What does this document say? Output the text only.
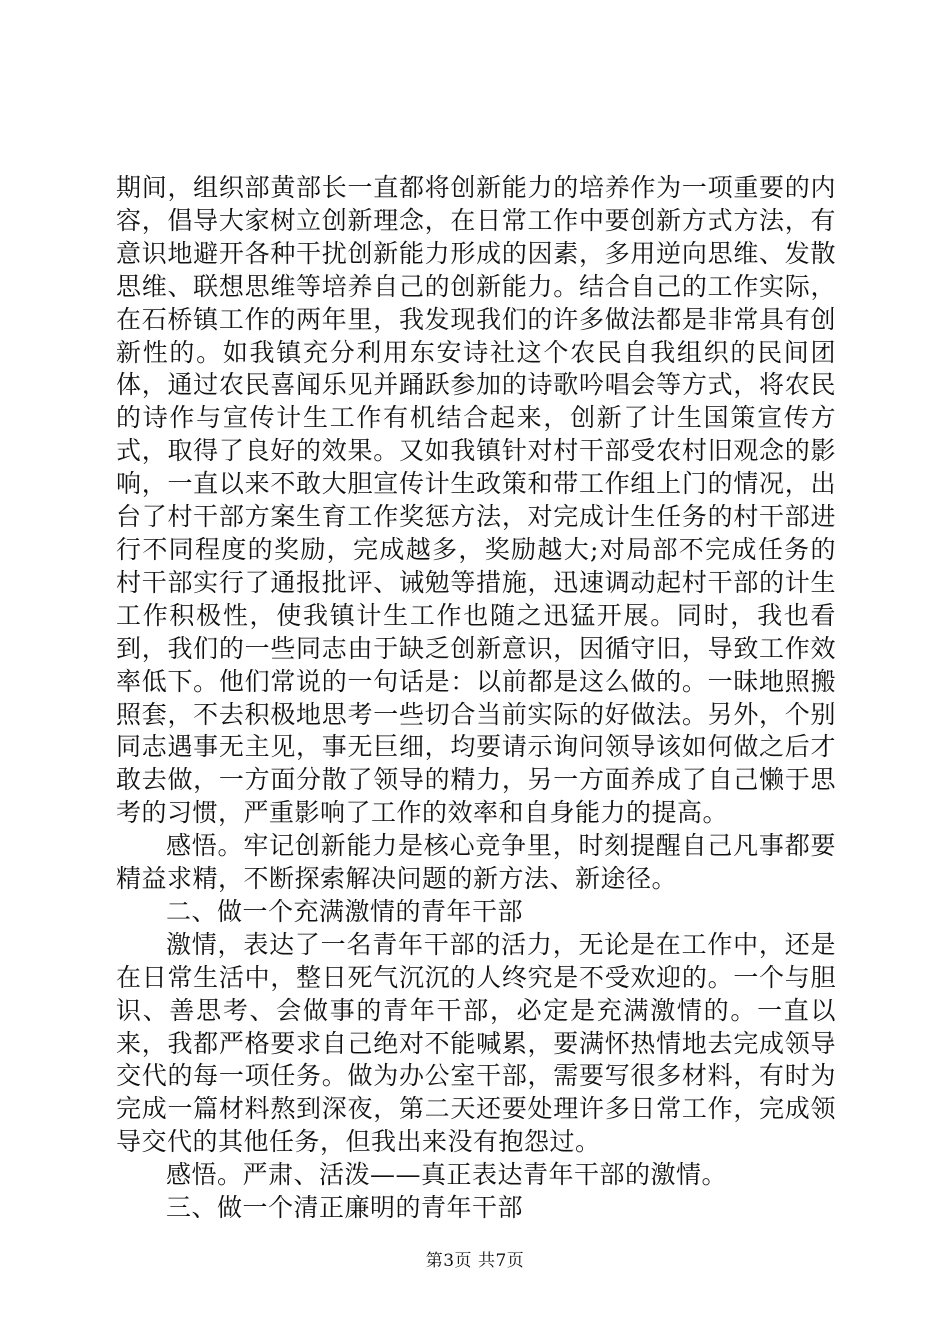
期间，组织部黄部长一直都将创新能力的培养作为一项重要的内容，倡导大家树立创新理念，在日常工作中要创新方式方法，有意识地避开各种干扰创新能力形成的因素，多用逆向思维、发散思维、联想思维等培养自己的创新能力。结合自己的工作实际，在石桥镇工作的两年里，我发现我们的许多做法都是非常具有创新性的。如我镇充分利用东安诗社这个农民自我组织的民间团体，通过农民喜闻乐见并踊跃参加的诗歌吟唱会等方式，将农民的诗作与宣传计生工作有机结合起来，创新了计生国策宣传方式，取得了良好的效果。又如我镇针对村干部受农村旧观念的影响，一直以来不敢大胆宣传计生政策和带工作组上门的情况，出台了村干部方案生育工作奖惩方法，对完成计生任务的村干部进行不同程度的奖励，完成越多，奖励越大;对局部不完成任务的村干部实行了通报批评、诫勉等措施，迅速调动起村干部的计生工作积极性，使我镇计生工作也随之迅猛开展。同时，我也看到，我们的一些同志由于缺乏创新意识，因循守旧，导致工作效率低下。他们常说的一句话是：以前都是这么做的。一昧地照搬照套，不去积极地思考一些切合当前实际的好做法。另外，个别同志遇事无主见，事无巨细，均要请示询问领导该如何做之后才敢去做，一方面分散了领导的精力，另一方面养成了自己懒于思考的习惯，严重影响了工作的效率和自身能力的提高。

感悟。牢记创新能力是核心竞争里，时刻提醒自己凡事都要精益求精，不断探索解决问题的新方法、新途径。

二、做一个充满激情的青年干部

激情，表达了一名青年干部的活力，无论是在工作中，还是在日常生活中，整日死气沉沉的人终究是不受欢迎的。一个与胆识、善思考、会做事的青年干部，必定是充满激情的。一直以来，我都严格要求自己绝对不能喊累，要满怀热情地去完成领导交代的每一项任务。做为办公室干部，需要写很多材料，有时为完成一篇材料熬到深夜，第二天还要处理许多日常工作，完成领导交代的其他任务，但我出来没有抱怨过。

感悟。严肃、活泼——真正表达青年干部的激情。

三、做一个清正廉明的青年干部

第3页 共7页
